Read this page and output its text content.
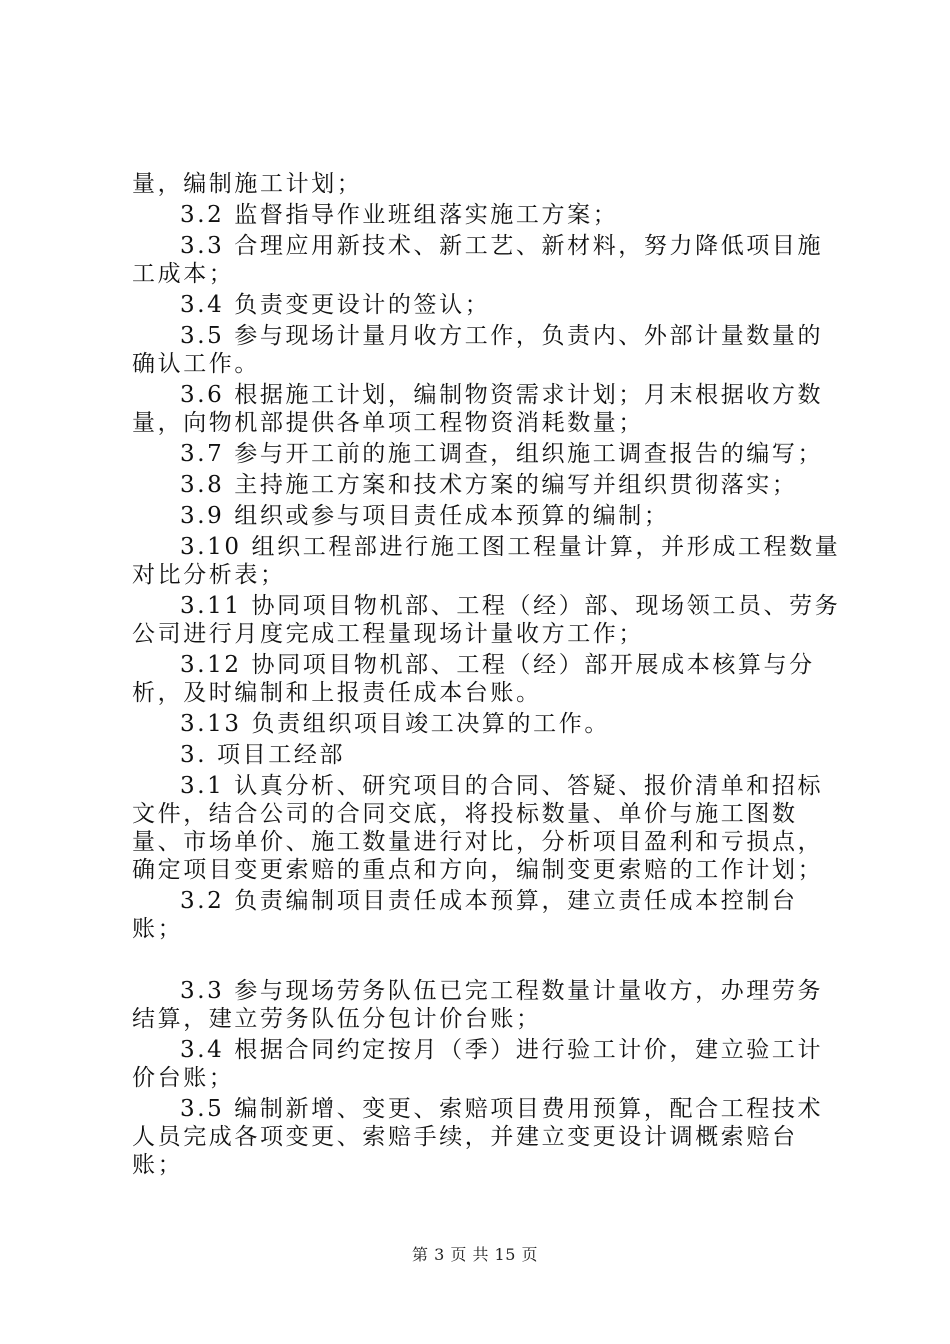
量，编制施工计划；

3.2 监督指导作业班组落实施工方案；

3.3 合理应用新技术、新工艺、新材料，努力降低项目施工成本；

3.4 负责变更设计的签认；

3.5 参与现场计量月收方工作，负责内、外部计量数量的确认工作。

3.6 根据施工计划，编制物资需求计划；月末根据收方数量，向物机部提供各单项工程物资消耗数量；

3.7 参与开工前的施工调查，组织施工调查报告的编写；

3.8 主持施工方案和技术方案的编写并组织贯彻落实；

3.9 组织或参与项目责任成本预算的编制；

3.10 组织工程部进行施工图工程量计算，并形成工程数量对比分析表；

3.11 协同项目物机部、工程（经）部、现场领工员、劳务公司进行月度完成工程量现场计量收方工作；

3.12 协同项目物机部、工程（经）部开展成本核算与分析，及时编制和上报责任成本台账。

3.13 负责组织项目竣工决算的工作。

3. 项目工经部

3.1 认真分析、研究项目的合同、答疑、报价清单和招标文件，结合公司的合同交底，将投标数量、单价与施工图数量、市场单价、施工数量进行对比，分析项目盈利和亏损点，确定项目变更索赔的重点和方向，编制变更索赔的工作计划；

3.2 负责编制项目责任成本预算，建立责任成本控制台账；

3.3 参与现场劳务队伍已完工程数量计量收方，办理劳务结算，建立劳务队伍分包计价台账；

3.4 根据合同约定按月（季）进行验工计价，建立验工计价台账；

3.5 编制新增、变更、索赔项目费用预算，配合工程技术人员完成各项变更、索赔手续，并建立变更设计调概索赔台账；

第 3 页 共 15 页
